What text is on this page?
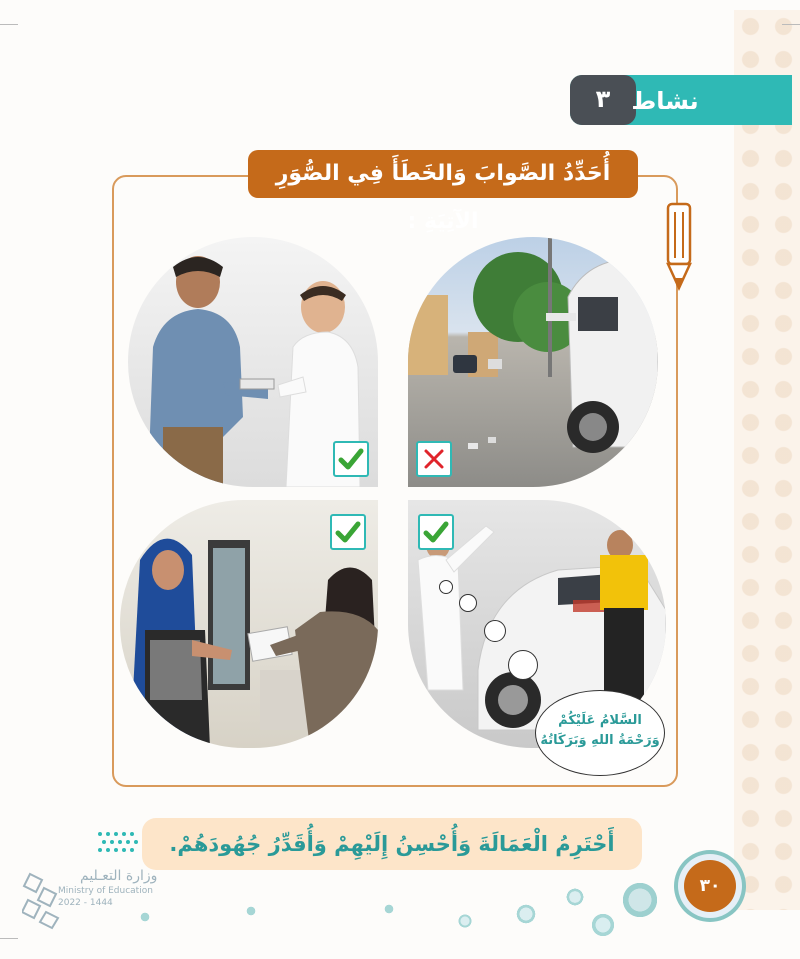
٣ نشاط
أُحَدِّدُ الصَّوابَ وَالخَطَأَ فِي الصُّوَرِ الآتِيَةِ :
السَّلامُ عَلَيْكُمْ
وَرَحْمَةُ اللهِ وَبَرَكَاتُهُ
أَحْتَرِمُ الْعَمَالَةَ وَأُحْسِنُ إِلَيْهِمْ وَأُقَدِّرُ جُهُودَهُمْ.
٣٠
وزارة التعـليم
Ministry of Education
2022 - 1444
